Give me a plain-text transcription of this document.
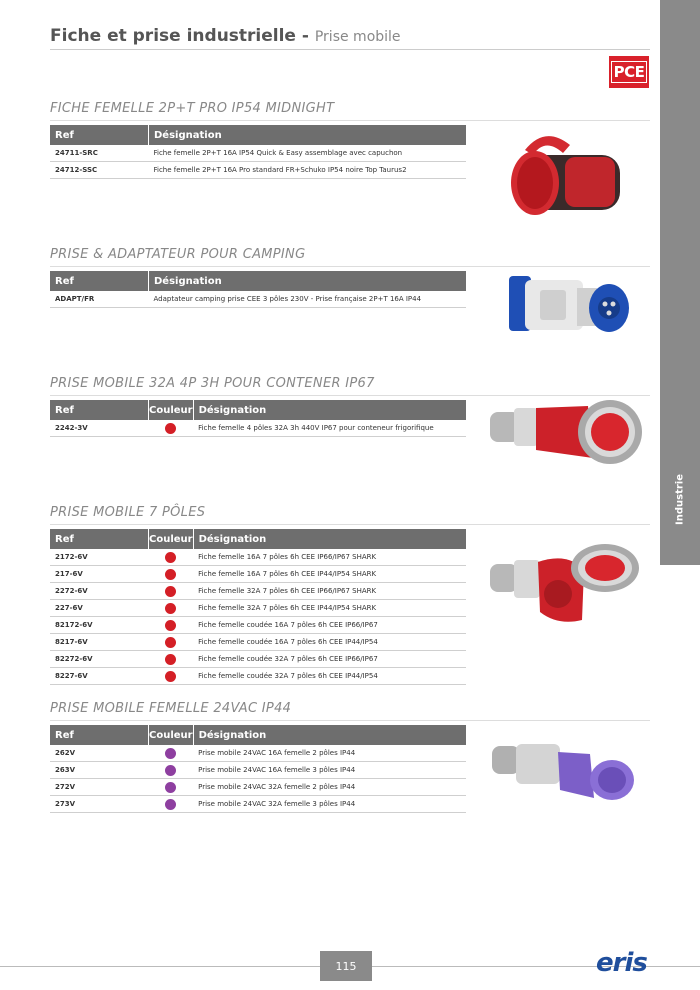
Fiche et prise industrielle - Prise mobile
Industrie
PCE
FICHE FEMELLE 2P+T PRO IP54 MIDNIGHT
Ref	Désignation
24711-SRC	Fiche femelle 2P+T 16A IP54 Quick & Easy assemblage avec capuchon
24712-SSC	Fiche femelle 2P+T 16A Pro standard FR+Schuko IP54 noire Top Taurus2
PRISE & ADAPTATEUR POUR CAMPING
Ref	Désignation
ADAPT/FR	Adaptateur camping prise CEE 3 pôles 230V - Prise française 2P+T 16A IP44
PRISE MOBILE 32A 4P 3H POUR CONTENER IP67
Ref	Couleur	Désignation
2242-3V		Fiche femelle 4 pôles 32A 3h 440V IP67 pour conteneur frigorifique
PRISE MOBILE 7 PÔLES
Ref	Couleur	Désignation
2172-6V		Fiche femelle 16A 7 pôles 6h CEE IP66/IP67 SHARK
217-6V		Fiche femelle 16A 7 pôles 6h CEE IP44/IP54 SHARK
2272-6V		Fiche femelle 32A 7 pôles 6h CEE IP66/IP67 SHARK
227-6V		Fiche femelle 32A 7 pôles 6h CEE IP44/IP54 SHARK
82172-6V		Fiche femelle coudée 16A 7 pôles 6h CEE IP66/IP67
8217-6V		Fiche femelle coudée 16A 7 pôles 6h CEE IP44/IP54
82272-6V		Fiche femelle coudée 32A 7 pôles 6h CEE IP66/IP67
8227-6V		Fiche femelle coudée 32A 7 pôles 6h CEE IP44/IP54
PRISE MOBILE FEMELLE 24VAC IP44
Ref	Couleur	Désignation
262V		Prise mobile 24VAC 16A femelle 2 pôles IP44
263V		Prise mobile 24VAC 16A femelle 3 pôles IP44
272V		Prise mobile 24VAC 32A femelle 2 pôles IP44
273V		Prise mobile 24VAC 32A femelle 3 pôles IP44
115	eris
